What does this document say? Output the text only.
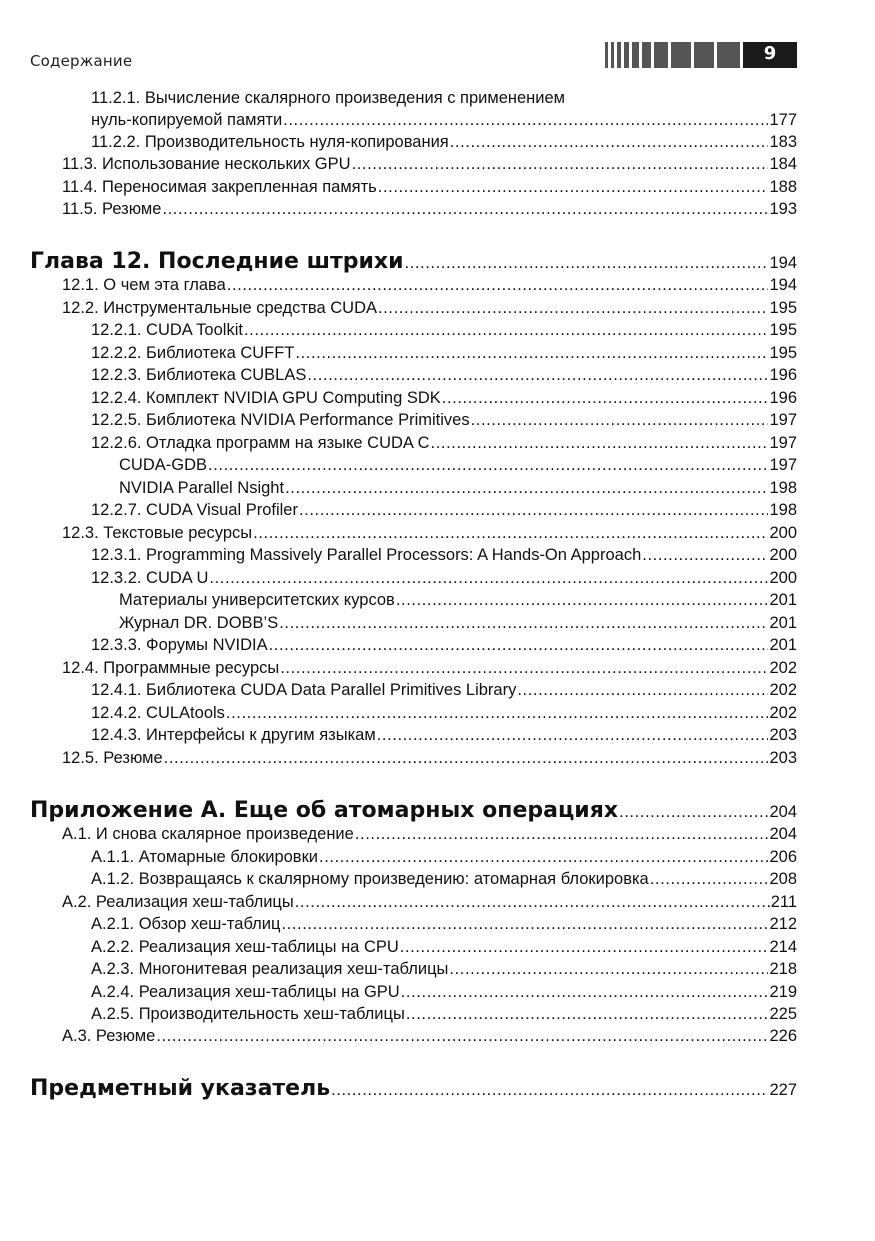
Содержание	9
11.2.1. Вычисление скалярного произведения с применением
нуль-копируемой памяти .....	177
11.2.2. Производительность нуля-копирования .....	183
11.3. Использование нескольких GPU .....	184
11.4. Переносимая закрепленная память .....	188
11.5. Резюме .....	193
Глава 12. Последние штрихи .....	194
12.1. О чем эта глава .....	194
12.2. Инструментальные средства CUDA .....	195
12.2.1. CUDA Toolkit .....	195
12.2.2. Библиотека CUFFT .....	195
12.2.3. Библиотека CUBLAS .....	196
12.2.4. Комплект NVIDIA GPU Computing SDK .....	196
12.2.5. Библиотека NVIDIA Performance Primitives .....	197
12.2.6. Отладка программ на языке CUDA C .....	197
CUDA-GDB .....	197
NVIDIA Parallel Nsight .....	198
12.2.7. CUDA Visual Profiler .....	198
12.3. Текстовые ресурсы .....	200
12.3.1. Programming Massively Parallel Processors: A Hands-On Approach .....	200
12.3.2. CUDA U .....	200
Материалы университетских курсов .....	201
Журнал DR. DOBB’S .....	201
12.3.3. Форумы NVIDIA .....	201
12.4. Программные ресурсы .....	202
12.4.1. Библиотека CUDA Data Parallel Primitives Library .....	202
12.4.2. CULAtools .....	202
12.4.3. Интерфейсы к другим языкам .....	203
12.5. Резюме .....	203
Приложение А. Еще об атомарных операциях .....	204
А.1. И снова скалярное произведение .....	204
А.1.1. Атомарные блокировки .....	206
А.1.2. Возвращаясь к скалярному произведению: атомарная блокировка .....	208
А.2. Реализация хеш-таблицы .....	211
А.2.1. Обзор хеш-таблиц .....	212
А.2.2. Реализация хеш-таблицы на CPU .....	214
А.2.3. Многонитевая реализация хеш-таблицы .....	218
А.2.4. Реализация хеш-таблицы на GPU .....	219
А.2.5. Производительность хеш-таблицы .....	225
А.3. Резюме .....	226
Предметный указатель .....	227
